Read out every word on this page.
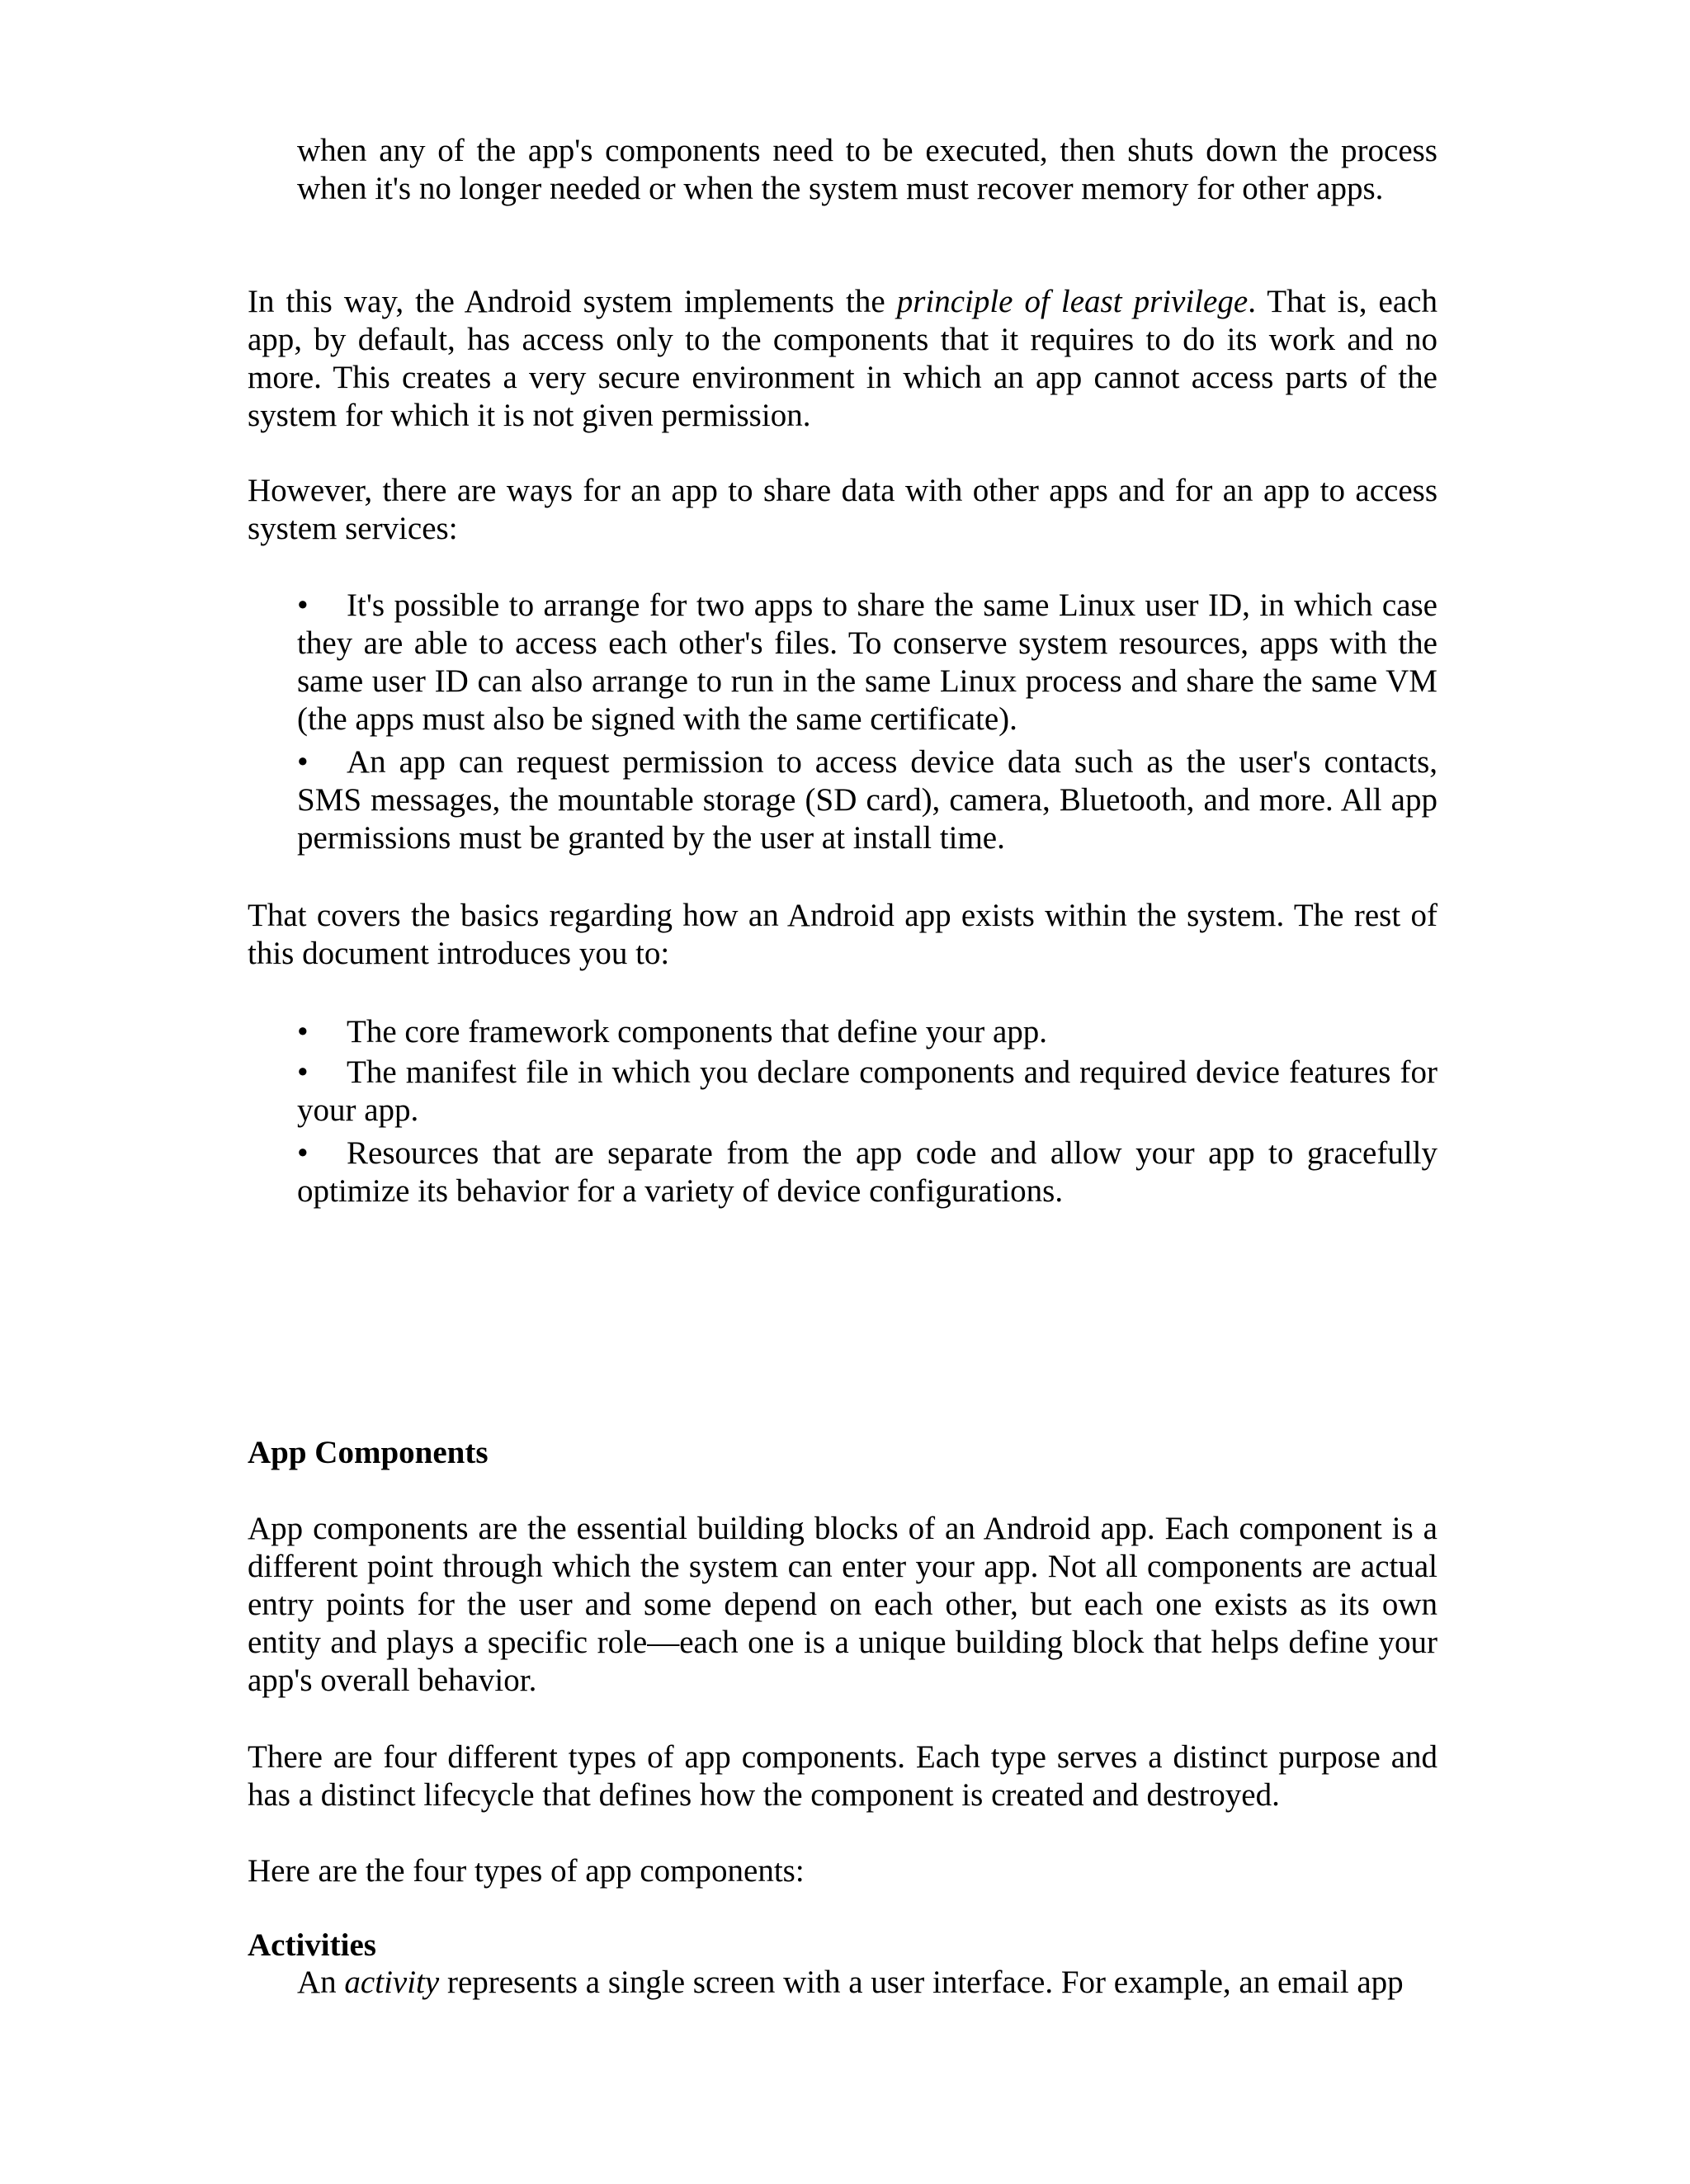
when any of the app's components need to be executed, then shuts down the process when it's no longer needed or when the system must recover memory for other apps.

In this way, the Android system implements the principle of least privilege. That is, each app, by default, has access only to the components that it requires to do its work and no more. This creates a very secure environment in which an app cannot access parts of the system for which it is not given permission.

However, there are ways for an app to share data with other apps and for an app to access system services:

• It's possible to arrange for two apps to share the same Linux user ID, in which case they are able to access each other's files. To conserve system resources, apps with the same user ID can also arrange to run in the same Linux process and share the same VM (the apps must also be signed with the same certificate).

• An app can request permission to access device data such as the user's contacts, SMS messages, the mountable storage (SD card), camera, Bluetooth, and more. All app permissions must be granted by the user at install time.

That covers the basics regarding how an Android app exists within the system. The rest of this document introduces you to:

• The core framework components that define your app.

• The manifest file in which you declare components and required device features for your app.

• Resources that are separate from the app code and allow your app to gracefully optimize its behavior for a variety of device configurations.

App Components

App components are the essential building blocks of an Android app. Each component is a different point through which the system can enter your app. Not all components are actual entry points for the user and some depend on each other, but each one exists as its own entity and plays a specific role—each one is a unique building block that helps define your app's overall behavior.

There are four different types of app components. Each type serves a distinct purpose and has a distinct lifecycle that defines how the component is created and destroyed.

Here are the four types of app components:

Activities

An activity represents a single screen with a user interface. For example, an email app
